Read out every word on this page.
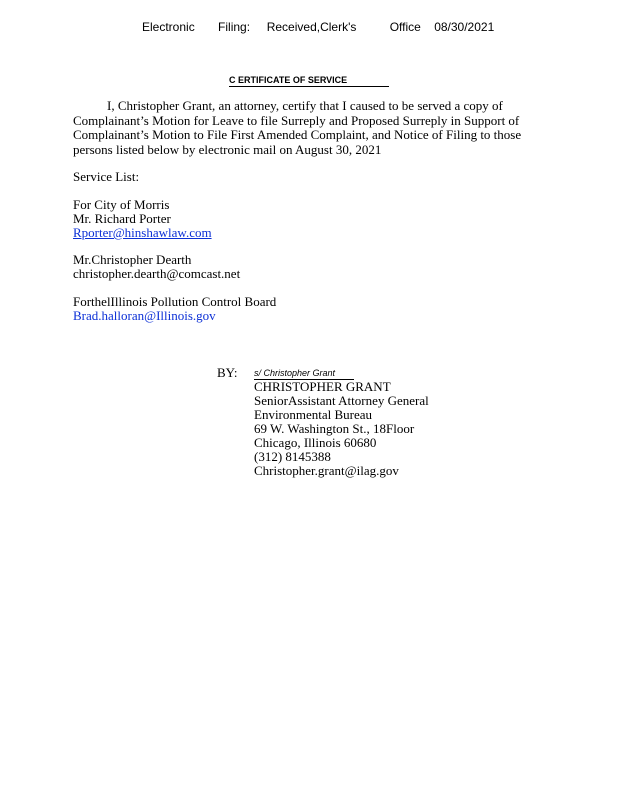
Electronic Filing: Received,Clerk's	Office 08/30/2021
C ERTIFICATE OF SERVICE
I, Christopher Grant, an attorney, certify that I caused to be served a copy of Complainant’s Motion for Leave to file Surreply and Proposed Surreply in Support of Complainant’s Motion to File First Amended Complaint, and Notice of Filing to those persons listed below by electronic mail on August 30, 2021
Service List:
For City of Morris
Mr. Richard Porter
Rporter@hinshawlaw.com
Mr.Christopher Dearth
christopher.dearth@comcast.net
ForthelIllinois Pollution Control Board
Brad.halloran@Illinois.gov
BY: s/ Christopher Grant
CHRISTOPHER GRANT
SeniorAssistant Attorney General
Environmental Bureau
69 W. Washington St., 18Floor
Chicago, Illinois 60680
(312) 8145388
Christopher.grant@ilag.gov
